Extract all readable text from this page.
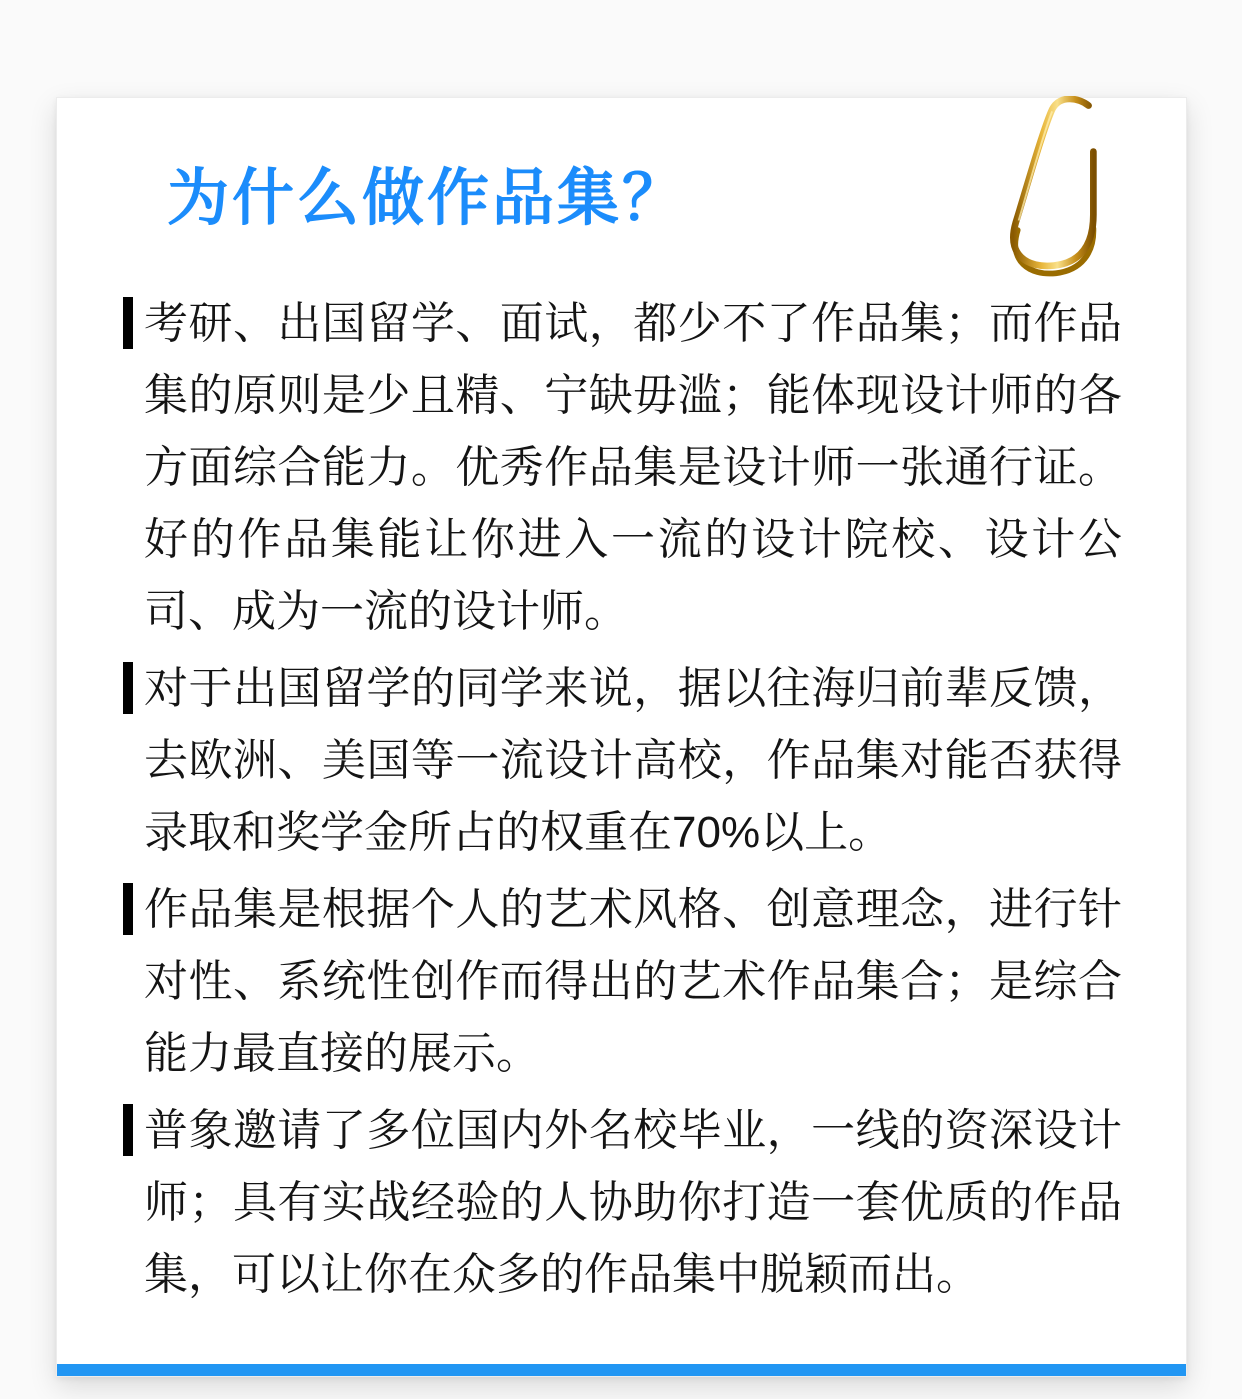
为什么做作品集？
考研、出国留学、面试，都少不了作品集；而作品集的原则是少且精、宁缺毋滥；能体现设计师的各方面综合能力。优秀作品集是设计师一张通行证。好的作品集能让你进入一流的设计院校、设计公司、成为一流的设计师。
对于出国留学的同学来说，据以往海归前辈反馈，去欧洲、美国等一流设计高校，作品集对能否获得录取和奖学金所占的权重在70%以上。
作品集是根据个人的艺术风格、创意理念，进行针对性、系统性创作而得出的艺术作品集合；是综合能力最直接的展示。
普象邀请了多位国内外名校毕业，一线的资深设计师；具有实战经验的人协助你打造一套优质的作品集，可以让你在众多的作品集中脱颖而出。
